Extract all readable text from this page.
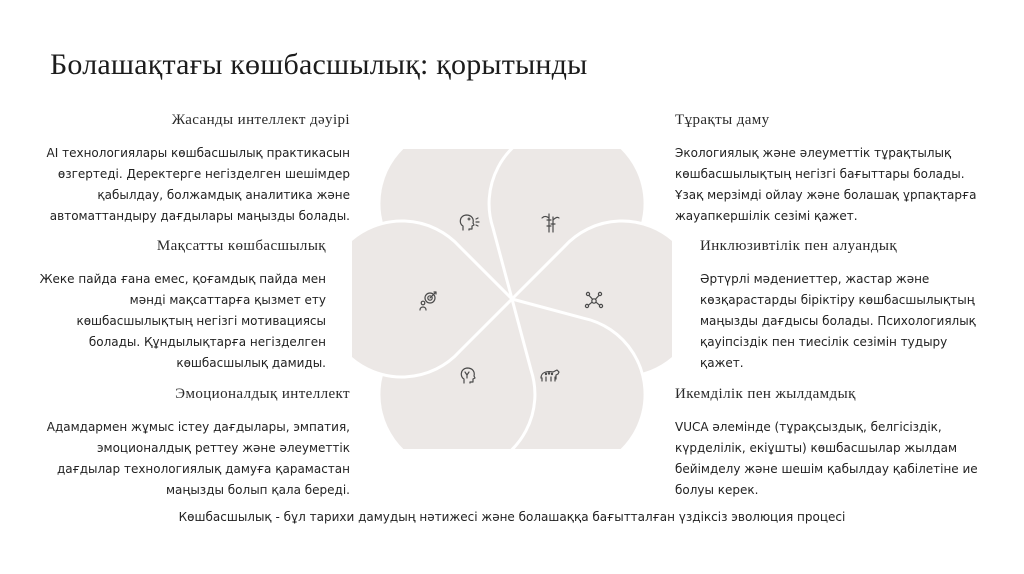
Болашақтағы көшбасшылық: қорытынды
Жасанды интеллект дәуірі
AI технологиялары көшбасшылық практикасын
өзгертеді. Деректерге негізделген шешімдер
қабылдау, болжамдық аналитика және
автоматтандыру дағдылары маңызды болады.
Мақсатты көшбасшылық
Жеке пайда ғана емес, қоғамдық пайда мен
мәнді мақсаттарға қызмет ету
көшбасшылықтың негізгі мотивациясы
болады. Құндылықтарға негізделген
көшбасшылық дамиды.
Эмоционалдық интеллект
Адамдармен жұмыс істеу дағдылары, эмпатия,
эмоционалдық реттеу және әлеуметтік
дағдылар технологиялық дамуға қарамастан
маңызды болып қала береді.
Тұрақты даму
Экологиялық және әлеуметтік тұрақтылық
көшбасшылықтың негізгі бағыттары болады.
Ұзақ мерзімді ойлау және болашақ ұрпақтарға
жауапкершілік сезімі қажет.
Инклюзивтілік пен алуандық
Әртүрлі мәдениеттер, жастар және
көзқарастарды біріктіру көшбасшылықтың
маңызды дағдысы болады. Психологиялық
қауіпсіздік пен тиесілік сезімін тудыру
қажет.
Икемділік пен жылдамдық
VUCA әлемінде (тұрақсыздық, белгісіздік,
күрделілік, екіұшты) көшбасшылар жылдам
бейімделу және шешім қабылдау қабілетіне ие
болуы керек.
Көшбасшылық - бұл тарихи дамудың нәтижесі және болашаққа бағытталған үздіксіз эволюция процесі
